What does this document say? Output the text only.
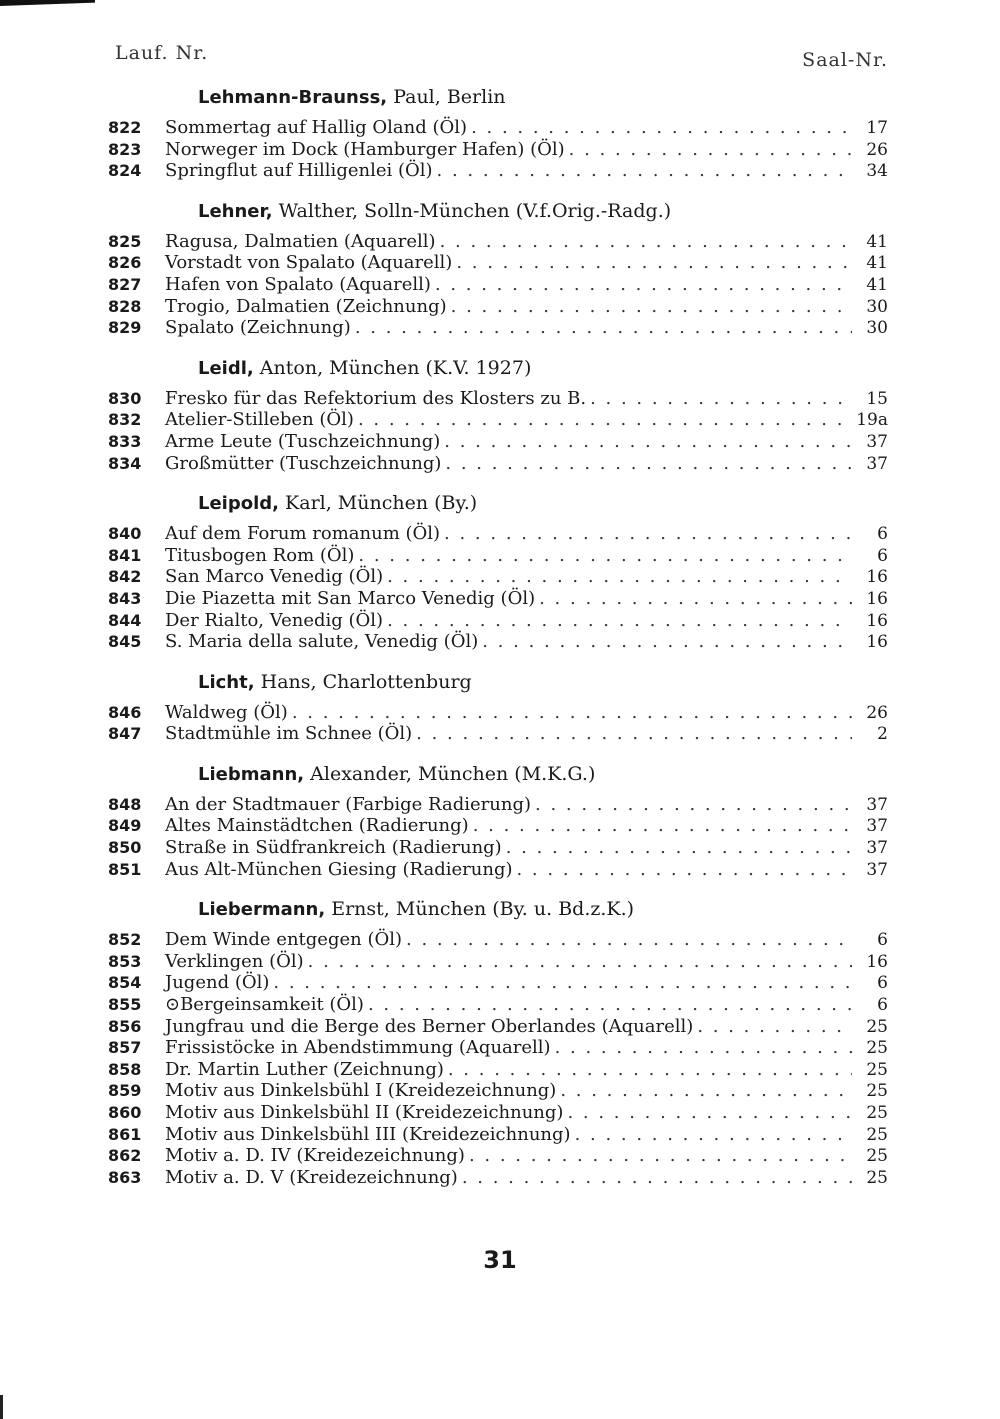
Lauf. Nr.	Saal-Nr.
Lehmann-Braunss, Paul, Berlin
822	Sommertag auf Hallig Oland (Öl) . . .	17
823	Norweger im Dock (Hamburger Hafen) (Öl) . . .	26
824	Springflut auf Hilligenlei (Öl) . . .	34
Lehner, Walther, Solln-München (V.f.Orig.-Radg.)
825	Ragusa, Dalmatien (Aquarell) . . .	41
826	Vorstadt von Spalato (Aquarell) . . .	41
827	Hafen von Spalato (Aquarell) . . .	41
828	Trogio, Dalmatien (Zeichnung) . . .	30
829	Spalato (Zeichnung) . . .	30
Leidl, Anton, München (K.V. 1927)
830	Fresko für das Refektorium des Klosters zu B. . . .	15
832	Atelier-Stilleben (Öl) . . .	19a
833	Arme Leute (Tuschzeichnung) . . .	37
834	Großmütter (Tuschzeichnung) . . .	37
Leipold, Karl, München (By.)
840	Auf dem Forum romanum (Öl) . . .	6
841	Titusbogen Rom (Öl) . . .	6
842	San Marco Venedig (Öl) . . .	16
843	Die Piazetta mit San Marco Venedig (Öl) . . .	16
844	Der Rialto, Venedig (Öl) . . .	16
845	S. Maria della salute, Venedig (Öl) . . .	16
Licht, Hans, Charlottenburg
846	Waldweg (Öl) . . .	26
847	Stadtmühle im Schnee (Öl) . . .	2
Liebmann, Alexander, München (M.K.G.)
848	An der Stadtmauer (Farbige Radierung) . . .	37
849	Altes Mainstädtchen (Radierung) . . .	37
850	Straße in Südfrankreich (Radierung) . . .	37
851	Aus Alt-München Giesing (Radierung) . . .	37
Liebermann, Ernst, München (By. u. Bd.z.K.)
852	Dem Winde entgegen (Öl) . . .	6
853	Verklingen (Öl) . . .	16
854	Jugend (Öl) . . .	6
855	⊙Bergeinsamkeit (Öl) . . .	6
856	Jungfrau und die Berge des Berner Oberlandes (Aquarell) . . .	25
857	Frissistöcke in Abendstimmung (Aquarell) . . .	25
858	Dr. Martin Luther (Zeichnung) . . .	25
859	Motiv aus Dinkelsbühl I (Kreidezeichnung) . . .	25
860	Motiv aus Dinkelsbühl II (Kreidezeichnung) . . .	25
861	Motiv aus Dinkelsbühl III (Kreidezeichnung) . . .	25
862	Motiv a. D. IV (Kreidezeichnung) . . .	25
863	Motiv a. D. V (Kreidezeichnung) . . .	25
31
